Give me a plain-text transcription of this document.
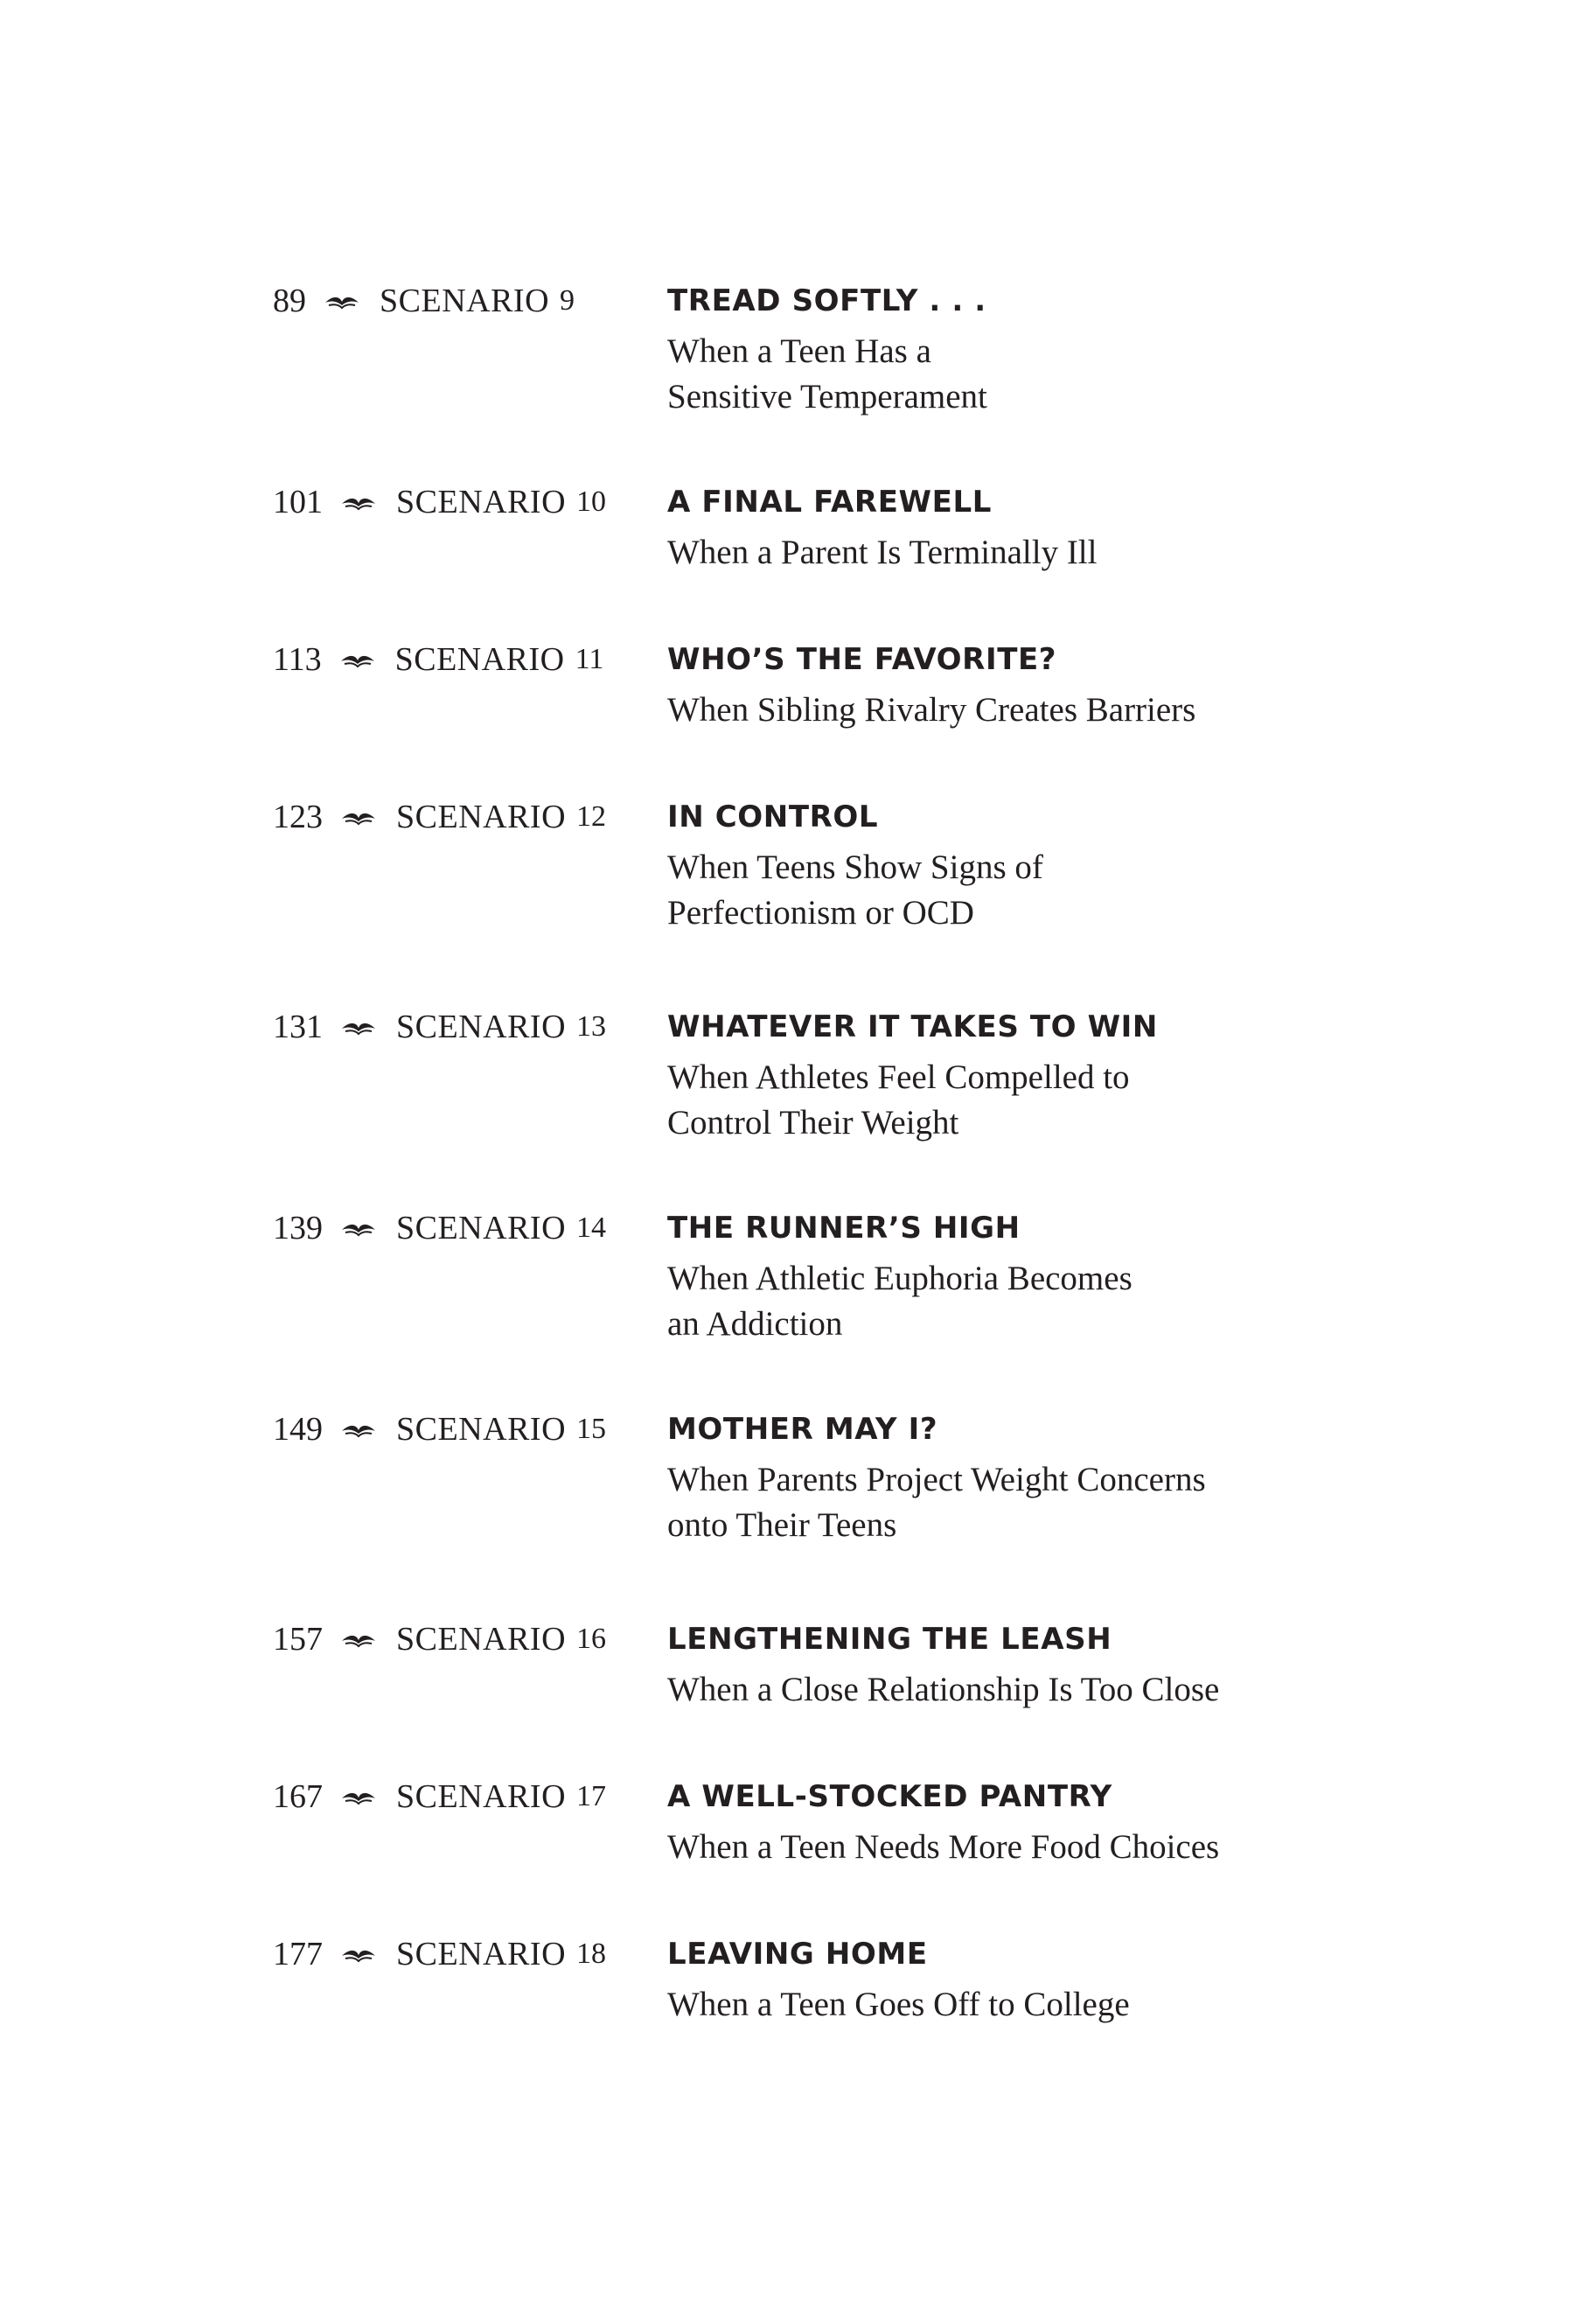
89 SCENARIO 9	TREAD SOFTLY . . .
When a Teen Has a
Sensitive Temperament
101 SCENARIO 10 A FINAL FAREWELL
When a Parent Is Terminally Ill
113 SCENARIO 11 WHO’S THE FAVORITE?
When Sibling Rivalry Creates Barriers
123 SCENARIO 12 IN CONTROL
When Teens Show Signs of
Perfectionism or OCD
131 SCENARIO 13 WHATEVER IT TAKES TO WIN
When Athletes Feel Compelled to
Control Their Weight
139 SCENARIO 14 THE RUNNER’S HIGH
When Athletic Euphoria Becomes
an Addiction
149 SCENARIO 15 MOTHER MAY I?
When Parents Project Weight Concerns
onto Their Teens
157 SCENARIO 16 LENGTHENING THE LEASH
When a Close Relationship Is Too Close
167 SCENARIO 17 A WELL-STOCKED PANTRY
When a Teen Needs More Food Choices
177 SCENARIO 18 LEAVING HOME
When a Teen Goes Off to College
